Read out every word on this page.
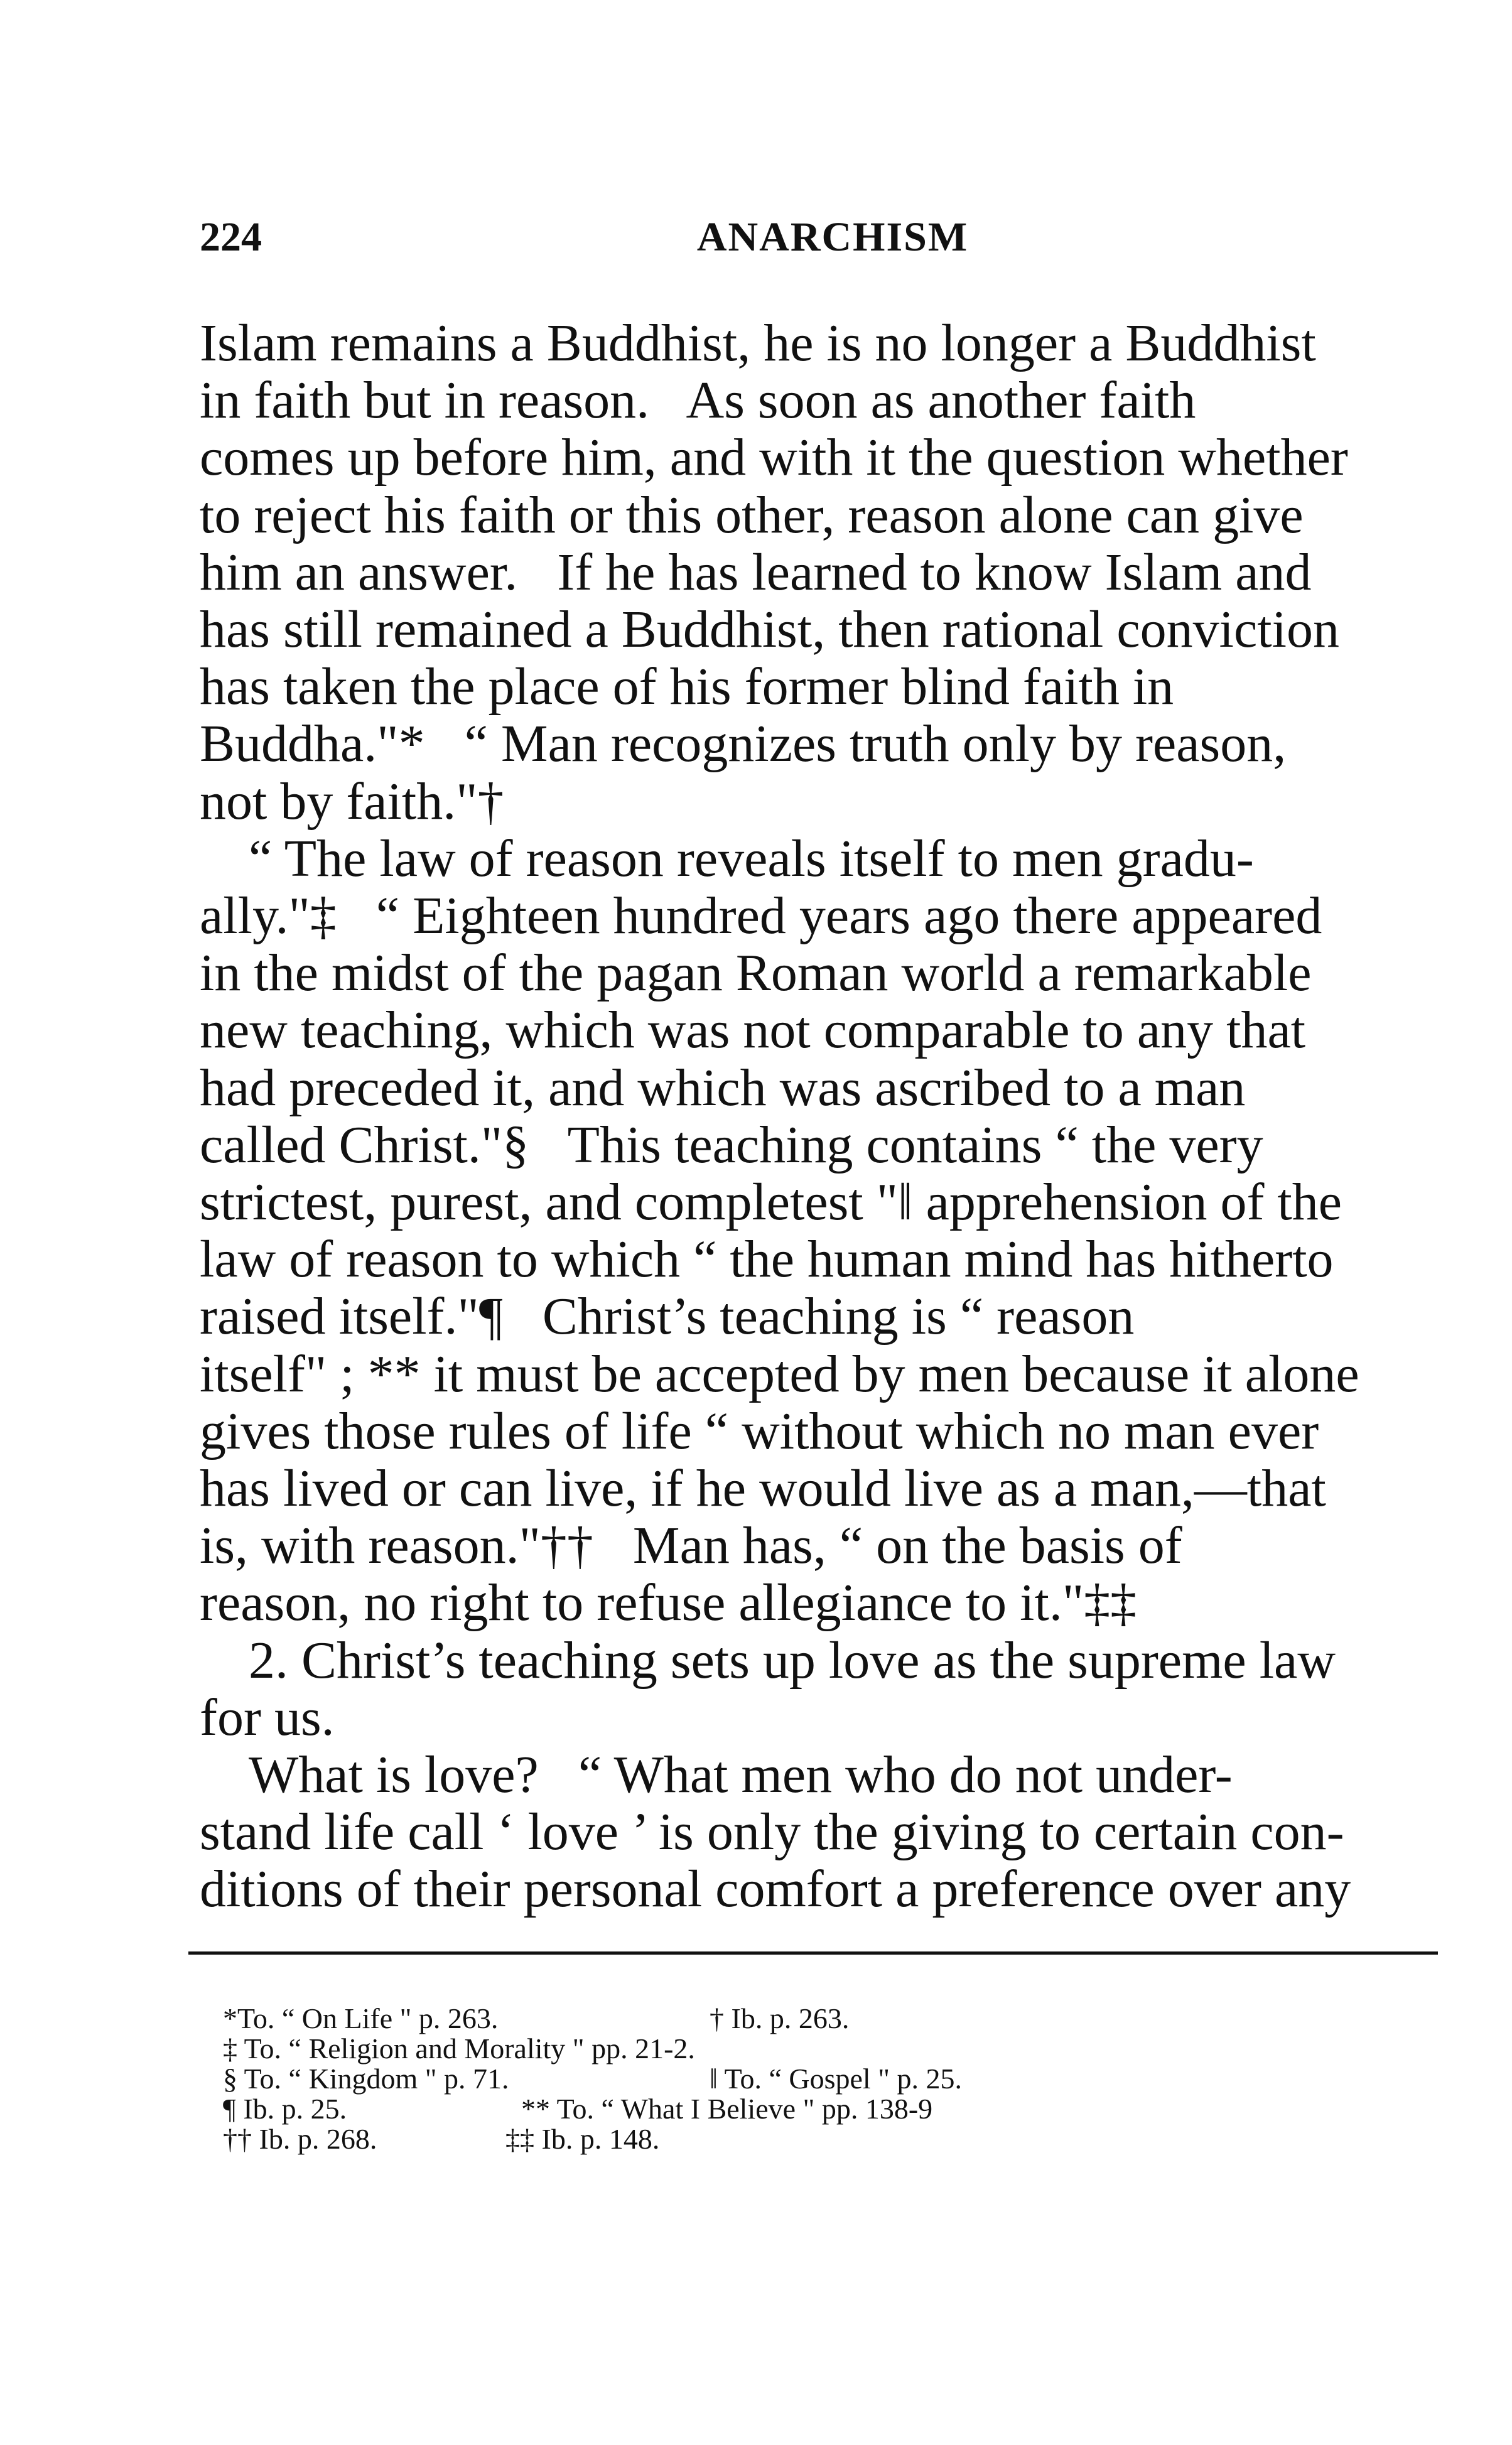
224	ANARCHISM
Islam remains a Buddhist, he is no longer a Buddhist
in faith but in reason.   As soon as another faith
comes up before him, and with it the question whether
to reject his faith or this other, reason alone can give
him an answer.   If he has learned to know Islam and
has still remained a Buddhist, then rational conviction
has taken the place of his former blind faith in
Buddha."*   “ Man recognizes truth only by reason,
not by faith."†
“ The law of reason reveals itself to men gradu-
ally."‡   “ Eighteen hundred years ago there appeared
in the midst of the pagan Roman world a remarkable
new teaching, which was not comparable to any that
had preceded it, and which was ascribed to a man
called Christ."§   This teaching contains “ the very
strictest, purest, and completest "‖ apprehension of the
law of reason to which “ the human mind has hitherto
raised itself."¶   Christ’s teaching is “ reason
itself" ; ** it must be accepted by men because it alone
gives those rules of life “ without which no man ever
has lived or can live, if he would live as a man,—that
is, with reason."††   Man has, “ on the basis of
reason, no right to refuse allegiance to it."‡‡
2. Christ’s teaching sets up love as the supreme law
for us.
What is love?   “ What men who do not under-
stand life call ‘ love ’ is only the giving to certain con-
ditions of their personal comfort a preference over any
*To. “ On Life " p. 263.	† Ib. p. 263.
‡ To. “ Religion and Morality " pp. 21-2.
§ To. “ Kingdom " p. 71.	‖ To. “ Gospel " p. 25.
¶ Ib. p. 25.	** To. “ What I Believe " pp. 138-9
†† Ib. p. 268.	‡‡ Ib. p. 148.
